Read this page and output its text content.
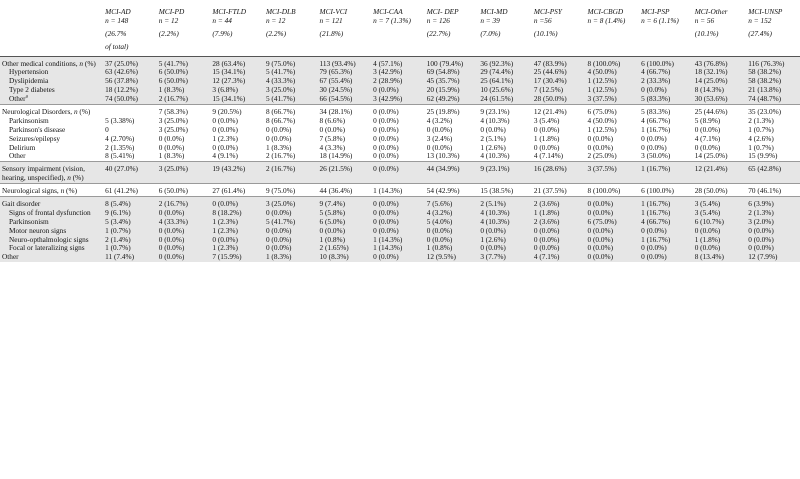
	MCI-AD	MCI-PD	MCI-FTLD	MCI-DLB	MCI-VCI	MCI-CAA	MCI- DEP	MCI-MD	MCI-PSY	MCI-CBGD	MCI-PSP	MCI-Other	MCI-UNSP
	n = 148	n = 12	n = 44	n = 12	n = 121	n = 7 (1.3%)	n = 126	n = 39	n =56	n = 8 (1.4%)	n = 6 (1.1%)	n = 56	n = 152
	(26.7%	(2.2%)	(7.9%)	(2.2%)	(21.8%)		(22.7%)	(7.0%)	(10.1%)			(10.1%)	(27.4%)
	of total)												
Other medical conditions, n (%)	37 (25.0%)	5 (41.7%)	28 (63.4%)	9 (75.0%)	113 (93.4%)	4 (57.1%)	100 (79.4%)	36 (92.3%)	47 (83.9%)	8 (100.0%)	6 (100.0%)	43 (76.8%)	116 (76.3%)
Hypertension	63 (42.6%)	6 (50.0%)	15 (34.1%)	5 (41.7%)	79 (65.3%)	3 (42.9%)	69 (54.8%)	29 (74.4%)	25 (44.6%)	4 (50.0%)	4 (66.7%)	18 (32.1%)	58 (38.2%)
Dyslipidemia	56 (37.8%)	6 (50.0%)	12 (27.3%)	4 (33.3%)	67 (55.4%)	2 (28.9%)	45 (35.7%)	25 (64.1%)	17 (30.4%)	1 (12.5%)	2 (33.3%)	14 (25.0%)	58 (38.2%)
Type 2 diabetes	18 (12.2%)	1 (8.3%)	3 (6.8%)	3 (25.0%)	30 (24.5%)	0 (0.0%)	20 (15.9%)	10 (25.6%)	7 (12.5%)	1 (12.5%)	0 (0.0%)	8 (14.3%)	21 (13.8%)
Other$^a$	74 (50.0%)	2 (16.7%)	15 (34.1%)	5 (41.7%)	66 (54.5%)	3 (42.9%)	62 (49.2%)	24 (61.5%)	28 (50.0%)	3 (37.5%)	5 (83.3%)	30 (53.6%)	74 (48.7%)
Neurological Disorders, n (%)		7 (58.3%)	9 (20.5%)	8 (66.7%)	34 (28.1%)	0 (0.0%)	25 (19.8%)	9 (23.1%)	12 (21.4%)	6 (75.0%)	5 (83.3%)	25 (44.6%)	35 (23.0%)
Parkinsonism	5 (3.38%)	3 (25.0%)	0 (0.0%)	8 (66.7%)	8 (6.6%)	0 (0.0%)	4 (3.2%)	4 (10.3%)	3 (5.4%)	4 (50.0%)	4 (66.7%)	5 (8.9%)	2 (1.3%)
Parkinson's disease	0	3 (25.0%)	0 (0.0%)	0 (0.0%)	0 (0.0%)	0 (0.0%)	0 (0.0%)	0 (0.0%)	0 (0.0%)	1 (12.5%)	1 (16.7%)	0 (0.0%)	1 (0.7%)
Seizures/epilepsy	4 (2.70%)	0 (0.0%)	1 (2.3%)	0 (0.0%)	7 (5.8%)	0 (0.0%)	3 (2.4%)	2 (5.1%)	1 (1.8%)	0 (0.0%)	0 (0.0%)	4 (7.1%)	4 (2.6%)
Delirium	2 (1.35%)	0 (0.0%)	0 (0.0%)	1 (8.3%)	4 (3.3%)	0 (0.0%)	0 (0.0%)	1 (2.6%)	0 (0.0%)	0 (0.0%)	0 (0.0%)	0 (0.0%)	1 (0.7%)
Other	8 (5.41%)	1 (8.3%)	4 (9.1%)	2 (16.7%)	18 (14.9%)	0 (0.0%)	13 (10.3%)	4 (10.3%)	4 (7.14%)	2 (25.0%)	3 (50.0%)	14 (25.0%)	15 (9.9%)
Sensory impairment (vision, hearing, unspecified), n (%)	40 (27.0%)	3 (25.0%)	19 (43.2%)	2 (16.7%)	26 (21.5%)	0 (0.0%)	44 (34.9%)	9 (23.1%)	16 (28.6%)	3 (37.5%)	1 (16.7%)	12 (21.4%)	65 (42.8%)
Neurological signs, n (%)	61 (41.2%)	6 (50.0%)	27 (61.4%)	9 (75.0%)	44 (36.4%)	1 (14.3%)	54 (42.9%)	15 (38.5%)	21 (37.5%)	8 (100.0%)	6 (100.0%)	28 (50.0%)	70 (46.1%)
Gait disorder	8 (5.4%)	2 (16.7%)	0 (0.0%)	3 (25.0%)	9 (7.4%)	0 (0.0%)	7 (5.6%)	2 (5.1%)	2 (3.6%)	0 (0.0%)	1 (16.7%)	3 (5.4%)	6 (3.9%)
Signs of frontal dysfunction	9 (6.1%)	0 (0.0%)	8 (18.2%)	0 (0.0%)	5 (5.8%)	0 (0.0%)	4 (3.2%)	4 (10.3%)	1 (1.8%)	0 (0.0%)	1 (16.7%)	3 (5.4%)	2 (1.3%)
Parkinsonism	5 (3.4%)	4 (33.3%)	1 (2.3%)	5 (41.7%)	6 (5.0%)	0 (0.0%)	5 (4.0%)	4 (10.3%)	2 (3.6%)	6 (75.0%)	4 (66.7%)	6 (10.7%)	3 (2.0%)
Motor neuron signs	1 (0.7%)	0 (0.0%)	1 (2.3%)	0 (0.0%)	0 (0.0%)	0 (0.0%)	0 (0.0%)	0 (0.0%)	0 (0.0%)	0 (0.0%)	0 (0.0%)	0 (0.0%)	0 (0.0%)
Neuro-opthalmologic signs	2 (1.4%)	0 (0.0%)	0 (0.0%)	0 (0.0%)	1 (0.8%)	1 (14.3%)	0 (0.0%)	1 (2.6%)	0 (0.0%)	0 (0.0%)	1 (16.7%)	1 (1.8%)	0 (0.0%)
Focal or lateralizing signs	1 (0.7%)	0 (0.0%)	1 (2.3%)	0 (0.0%)	2 (1.65%)	1 (14.3%)	1 (0.8%)	0 (0.0%)	0 (0.0%)	0 (0.0%)	0 (0.0%)	0 (0.0%)	0 (0.0%)
Other	11 (7.4%)	0 (0.0%)	7 (15.9%)	1 (8.3%)	10 (8.3%)	0 (0.0%)	12 (9.5%)	3 (7.7%)	4 (7.1%)	0 (0.0%)	0 (0.0%)	8 (13.4%)	12 (7.9%)
